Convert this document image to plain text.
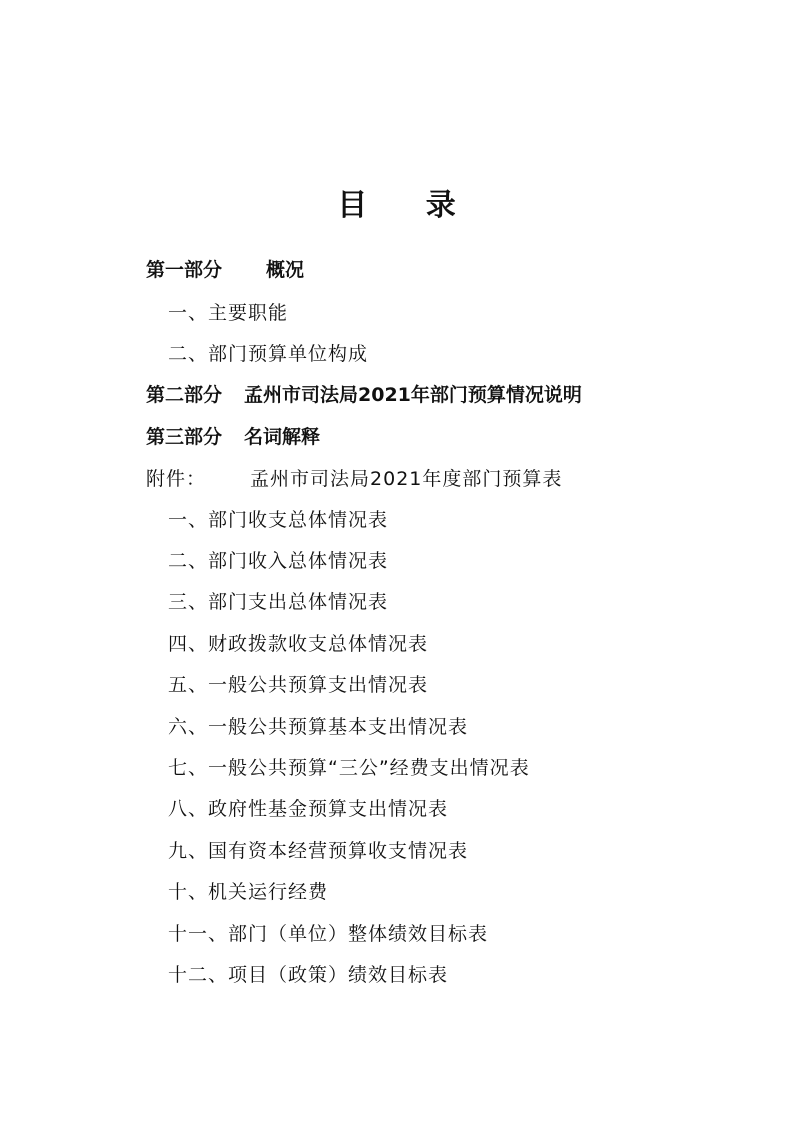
目 录
第一部分 概况
一、主要职能
二、部门预算单位构成
第二部分 孟州市司法局2021年部门预算情况说明
第三部分 名词解释
附件： 孟州市司法局2021年度部门预算表
一、部门收支总体情况表
二、部门收入总体情况表
三、部门支出总体情况表
四、财政拨款收支总体情况表
五、一般公共预算支出情况表
六、一般公共预算基本支出情况表
七、一般公共预算“三公”经费支出情况表
八、政府性基金预算支出情况表
九、国有资本经营预算收支情况表
十、机关运行经费
十一、部门（单位）整体绩效目标表
十二、项目（政策）绩效目标表
